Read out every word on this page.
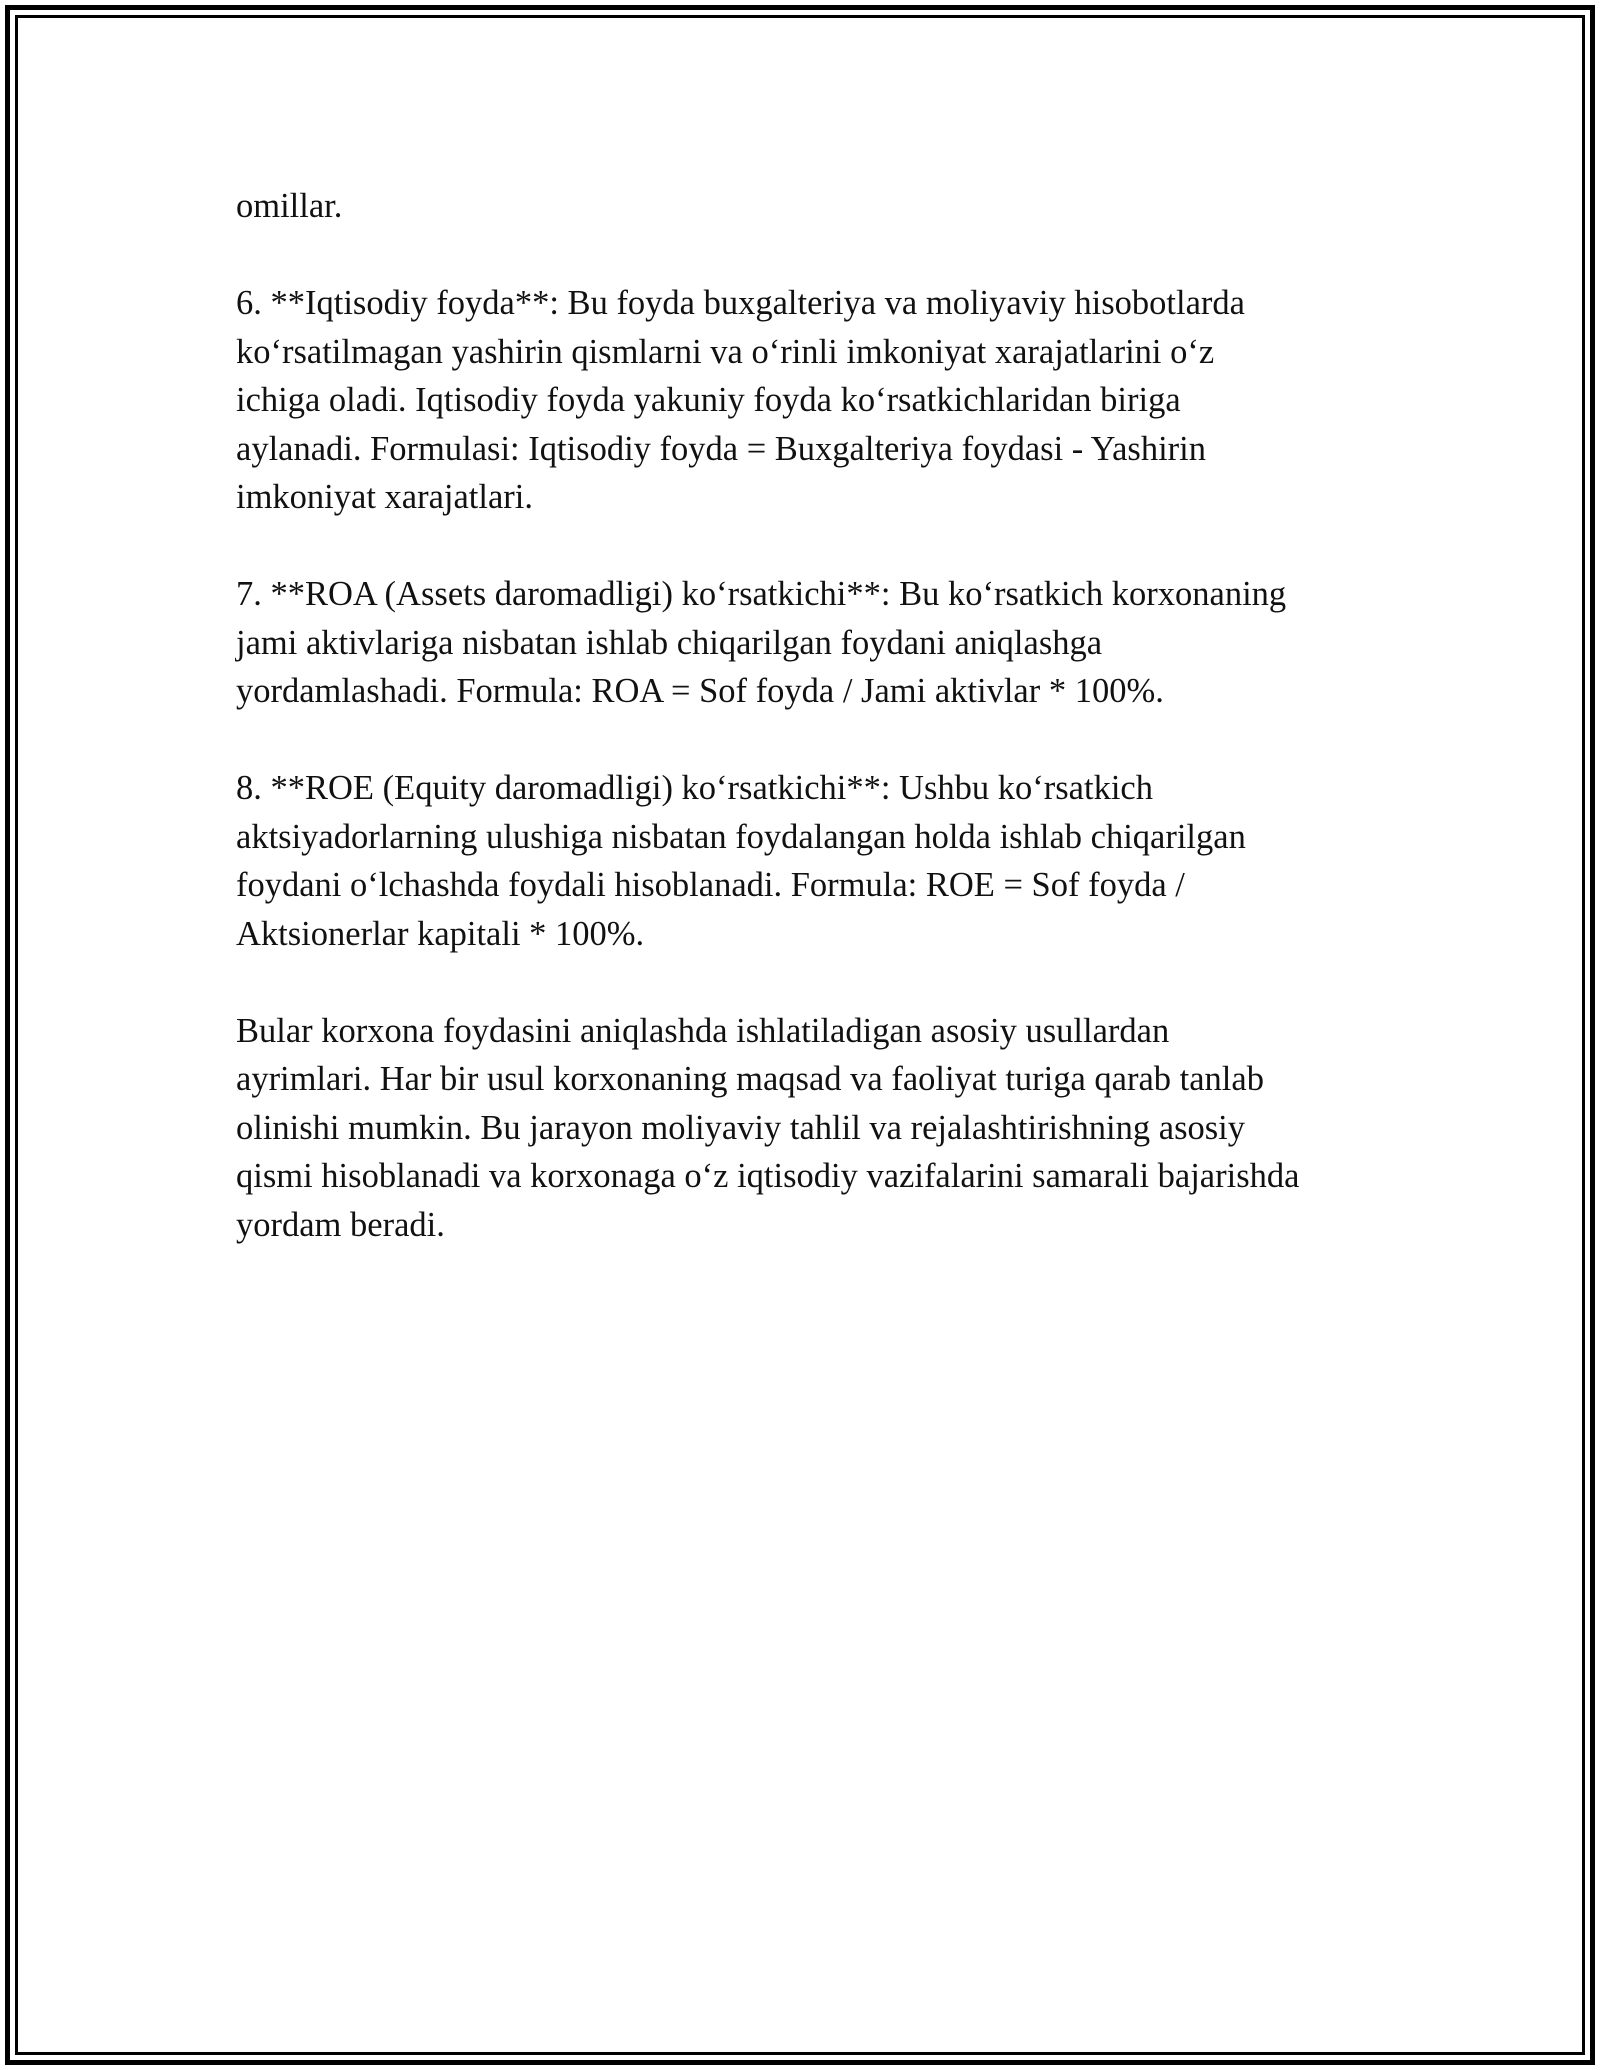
omillar.

6. **Iqtisodiy foyda**: Bu foyda buxgalteriya va moliyaviy hisobotlarda
ko‘rsatilmagan yashirin qismlarni va o‘rinli imkoniyat xarajatlarini o‘z
ichiga oladi. Iqtisodiy foyda yakuniy foyda ko‘rsatkichlaridan biriga
aylanadi. Formulasi: Iqtisodiy foyda = Buxgalteriya foydasi - Yashirin
imkoniyat xarajatlari.

7. **ROA (Assets daromadligi) ko‘rsatkichi**: Bu ko‘rsatkich korxonaning
jami aktivlariga nisbatan ishlab chiqarilgan foydani aniqlashga
yordamlashadi. Formula: ROA = Sof foyda / Jami aktivlar * 100%.

8. **ROE (Equity daromadligi) ko‘rsatkichi**: Ushbu ko‘rsatkich
aktsiyadorlarning ulushiga nisbatan foydalangan holda ishlab chiqarilgan
foydani o‘lchashda foydali hisoblanadi. Formula: ROE = Sof foyda /
Aktsionerlar kapitali * 100%.

Bular korxona foydasini aniqlashda ishlatiladigan asosiy usullardan
ayrimlari. Har bir usul korxonaning maqsad va faoliyat turiga qarab tanlab
olinishi mumkin. Bu jarayon moliyaviy tahlil va rejalashtirishning asosiy
qismi hisoblanadi va korxonaga o‘z iqtisodiy vazifalarini samarali bajarishda
yordam beradi.
